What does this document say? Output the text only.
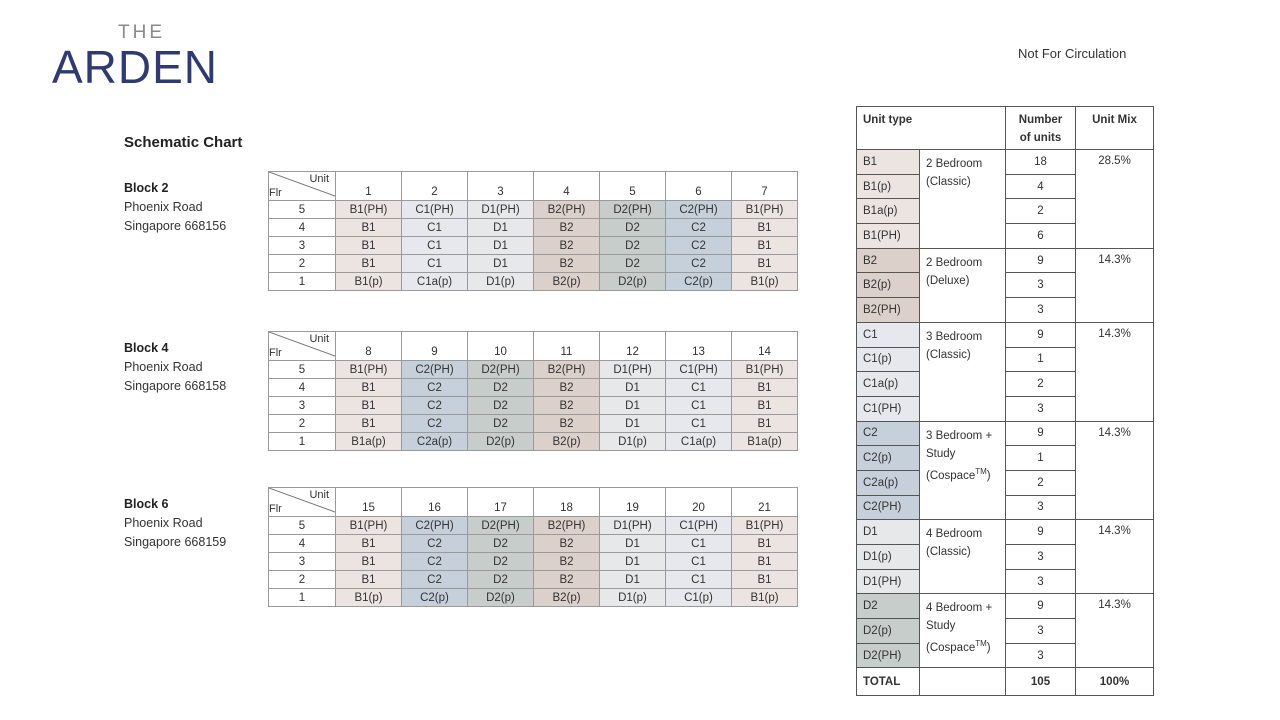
THE
ARDEN
Schematic Chart
Not For Circulation
Block 2
Phoenix Road
Singapore 668156
Unit
Flr	1	2	3	4	5	6	7
5	B1(PH)	C1(PH)	D1(PH)	B2(PH)	D2(PH)	C2(PH)	B1(PH)
4	B1	C1	D1	B2	D2	C2	B1
3	B1	C1	D1	B2	D2	C2	B1
2	B1	C1	D1	B2	D2	C2	B1
1	B1(p)	C1a(p)	D1(p)	B2(p)	D2(p)	C2(p)	B1(p)
Block 4
Phoenix Road
Singapore 668158
Unit
Flr	8	9	10	11	12	13	14
5	B1(PH)	C2(PH)	D2(PH)	B2(PH)	D1(PH)	C1(PH)	B1(PH)
4	B1	C2	D2	B2	D1	C1	B1
3	B1	C2	D2	B2	D1	C1	B1
2	B1	C2	D2	B2	D1	C1	B1
1	B1a(p)	C2a(p)	D2(p)	B2(p)	D1(p)	C1a(p)	B1a(p)
Block 6
Phoenix Road
Singapore 668159
Unit
Flr	15	16	17	18	19	20	21
5	B1(PH)	C2(PH)	D2(PH)	B2(PH)	D1(PH)	C1(PH)	B1(PH)
4	B1	C2	D2	B2	D1	C1	B1
3	B1	C2	D2	B2	D1	C1	B1
2	B1	C2	D2	B2	D1	C1	B1
1	B1(p)	C2(p)	D2(p)	B2(p)	D1(p)	C1(p)	B1(p)
Unit type		Number of units	Unit Mix
B1	2 Bedroom (Classic)	18	28.5%
B1(p)		4	
B1a(p)		2	
B1(PH)		6	
B2	2 Bedroom (Deluxe)	9	14.3%
B2(p)		3	
B2(PH)		3	
C1	3 Bedroom (Classic)	9	14.3%
C1(p)		1	
C1a(p)		2	
C1(PH)		3	
C2	3 Bedroom + Study (Cospace™)	9	14.3%
C2(p)		1	
C2a(p)		2	
C2(PH)		3	
D1	4 Bedroom (Classic)	9	14.3%
D1(p)		3	
D1(PH)		3	
D2	4 Bedroom + Study (Cospace™)	9	14.3%
D2(p)		3	
D2(PH)		3	
TOTAL		105	100%
